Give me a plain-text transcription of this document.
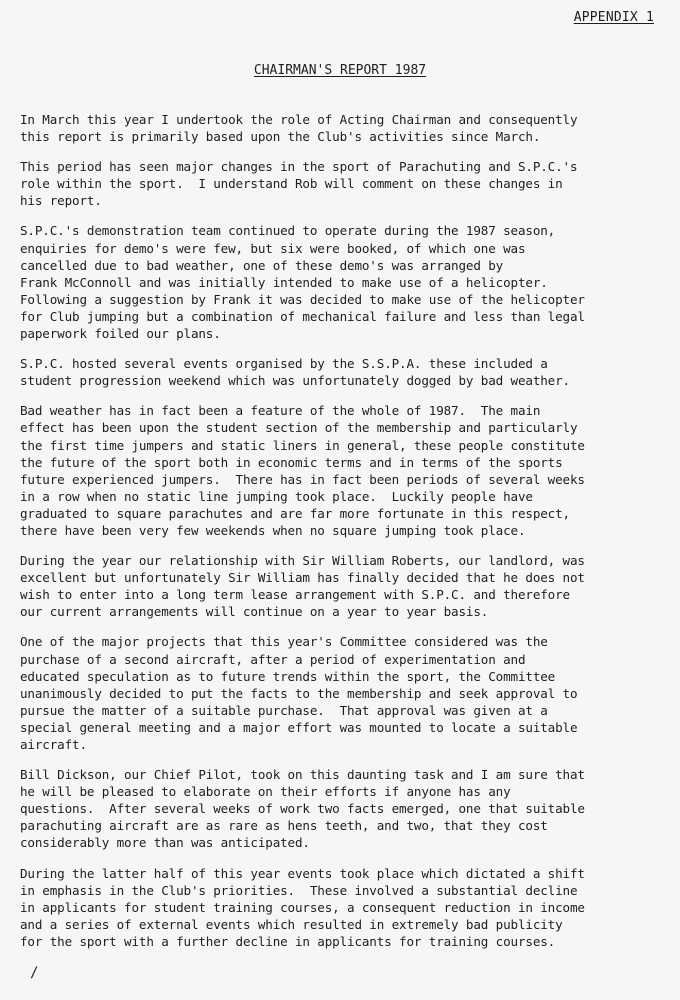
APPENDIX 1
CHAIRMAN'S REPORT 1987
In March this year I undertook the role of Acting Chairman and consequently
this report is primarily based upon the Club's activities since March.
This period has seen major changes in the sport of Parachuting and S.P.C.'s
role within the sport.  I understand Rob will comment on these changes in
his report.
S.P.C.'s demonstration team continued to operate during the 1987 season,
enquiries for demo's were few, but six were booked, of which one was
cancelled due to bad weather, one of these demo's was arranged by
Frank McConnoll and was initially intended to make use of a helicopter.
Following a suggestion by Frank it was decided to make use of the helicopter
for Club jumping but a combination of mechanical failure and less than legal
paperwork foiled our plans.
S.P.C. hosted several events organised by the S.S.P.A. these included a
student progression weekend which was unfortunately dogged by bad weather.
Bad weather has in fact been a feature of the whole of 1987.  The main
effect has been upon the student section of the membership and particularly
the first time jumpers and static liners in general, these people constitute
the future of the sport both in economic terms and in terms of the sports
future experienced jumpers.  There has in fact been periods of several weeks
in a row when no static line jumping took place.  Luckily people have
graduated to square parachutes and are far more fortunate in this respect,
there have been very few weekends when no square jumping took place.
During the year our relationship with Sir William Roberts, our landlord, was
excellent but unfortunately Sir William has finally decided that he does not
wish to enter into a long term lease arrangement with S.P.C. and therefore
our current arrangements will continue on a year to year basis.
One of the major projects that this year's Committee considered was the
purchase of a second aircraft, after a period of experimentation and
educated speculation as to future trends within the sport, the Committee
unanimously decided to put the facts to the membership and seek approval to
pursue the matter of a suitable purchase.  That approval was given at a
special general meeting and a major effort was mounted to locate a suitable
aircraft.
Bill Dickson, our Chief Pilot, took on this daunting task and I am sure that
he will be pleased to elaborate on their efforts if anyone has any
questions.  After several weeks of work two facts emerged, one that suitable
parachuting aircraft are as rare as hens teeth, and two, that they cost
considerably more than was anticipated.
During the latter half of this year events took place which dictated a shift
in emphasis in the Club's priorities.  These involved a substantial decline
in applicants for student training courses, a consequent reduction in income
and a series of external events which resulted in extremely bad publicity
for the sport with a further decline in applicants for training courses.
/
